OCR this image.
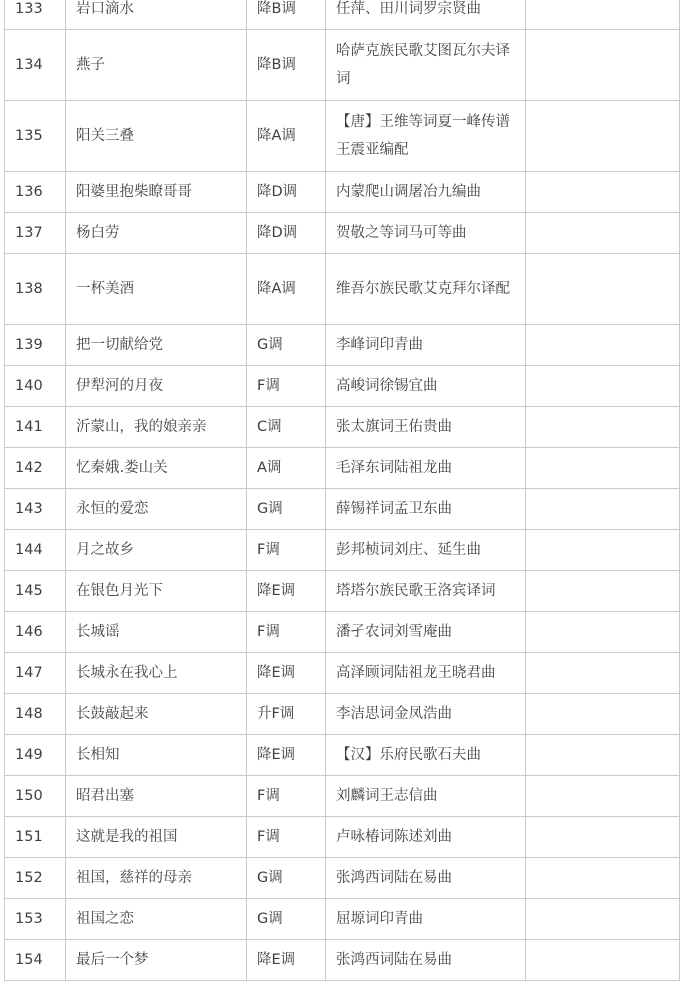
133	岩口滴水	降B调	任萍、田川词罗宗贤曲	
134	燕子	降B调	哈萨克族民歌艾图瓦尔夫译词	
135	阳关三叠	降A调	【唐】王维等词夏一峰传谱王震亚编配	
136	阳婆里抱柴瞭哥哥	降D调	内蒙爬山调屠冶九编曲	
137	杨白劳	降D调	贺敬之等词马可等曲	
138	一杯美酒	降A调	维吾尔族民歌艾克拜尔译配	
139	把一切献给党	G调	李峰词印青曲	
140	伊犁河的月夜	F调	高峻词徐锡宜曲	
141	沂蒙山，我的娘亲亲	C调	张太旗词王佑贵曲	
142	忆秦娥.娄山关	A调	毛泽东词陆祖龙曲	
143	永恒的爱恋	G调	薛锡祥词孟卫东曲	
144	月之故乡	F调	彭邦桢词刘庄、延生曲	
145	在银色月光下	降E调	塔塔尔族民歌王洛宾译词	
146	长城谣	F调	潘孑农词刘雪庵曲	
147	长城永在我心上	降E调	高泽顾词陆祖龙王晓君曲	
148	长鼓敲起来	升F调	李洁思词金凤浩曲	
149	长相知	降E调	【汉】乐府民歌石夫曲	
150	昭君出塞	F调	刘麟词王志信曲	
151	这就是我的祖国	F调	卢咏椿词陈述刘曲	
152	祖国，慈祥的母亲	G调	张鸿西词陆在易曲	
153	祖国之恋	G调	屈塬词印青曲	
154	最后一个梦	降E调	张鸿西词陆在易曲	
